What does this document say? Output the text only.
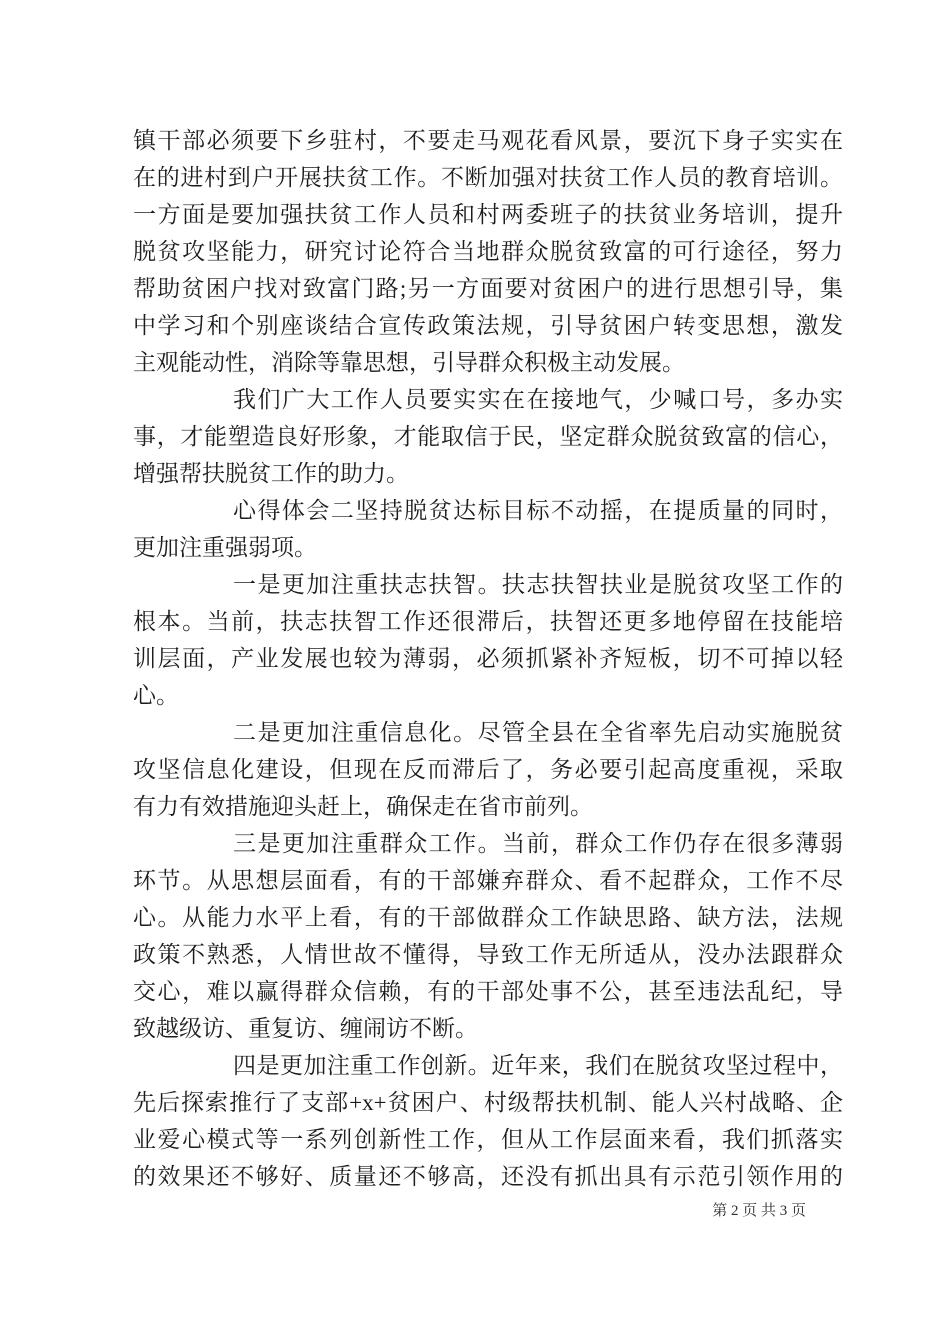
镇干部必须要下乡驻村，不要走马观花看风景，要沉下身子实实在
在的进村到户开展扶贫工作。不断加强对扶贫工作人员的教育培训。
一方面是要加强扶贫工作人员和村两委班子的扶贫业务培训，提升
脱贫攻坚能力，研究讨论符合当地群众脱贫致富的可行途径，努力
帮助贫困户找对致富门路;另一方面要对贫困户的进行思想引导，集
中学习和个别座谈结合宣传政策法规，引导贫困户转变思想，激发
主观能动性，消除等靠思想，引导群众积极主动发展。
我们广大工作人员要实实在在接地气，少喊口号，多办实
事，才能塑造良好形象，才能取信于民，坚定群众脱贫致富的信心，
增强帮扶脱贫工作的助力。
心得体会二坚持脱贫达标目标不动摇，在提质量的同时，
更加注重强弱项。
一是更加注重扶志扶智。扶志扶智扶业是脱贫攻坚工作的
根本。当前，扶志扶智工作还很滞后，扶智还更多地停留在技能培
训层面，产业发展也较为薄弱，必须抓紧补齐短板，切不可掉以轻
心。
二是更加注重信息化。尽管全县在全省率先启动实施脱贫
攻坚信息化建设，但现在反而滞后了，务必要引起高度重视，采取
有力有效措施迎头赶上，确保走在省市前列。
三是更加注重群众工作。当前，群众工作仍存在很多薄弱
环节。从思想层面看，有的干部嫌弃群众、看不起群众，工作不尽
心。从能力水平上看，有的干部做群众工作缺思路、缺方法，法规
政策不熟悉，人情世故不懂得，导致工作无所适从，没办法跟群众
交心，难以赢得群众信赖，有的干部处事不公，甚至违法乱纪，导
致越级访、重复访、缠闹访不断。
四是更加注重工作创新。近年来，我们在脱贫攻坚过程中，
先后探索推行了支部+x+贫困户、村级帮扶机制、能人兴村战略、企
业爱心模式等一系列创新性工作，但从工作层面来看，我们抓落实
的效果还不够好、质量还不够高，还没有抓出具有示范引领作用的
第 2 页 共 3 页
